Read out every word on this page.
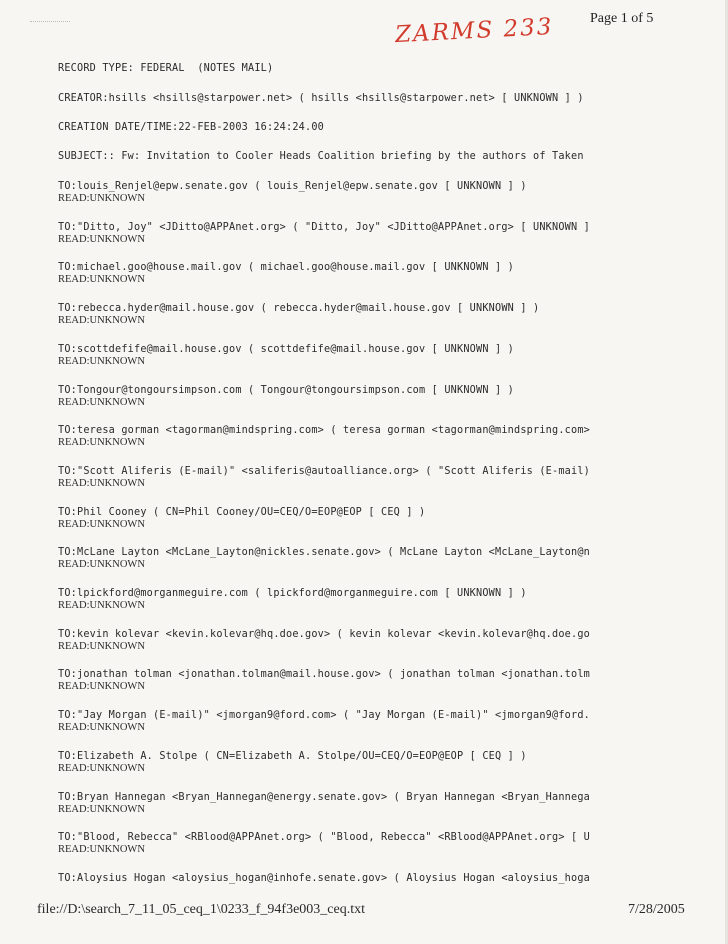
ZARMS 233	Page 1 of 5
RECORD TYPE: FEDERAL  (NOTES MAIL)
CREATOR:hsills <hsills@starpower.net> ( hsills <hsills@starpower.net> [ UNKNOWN ] )
CREATION DATE/TIME:22-FEB-2003 16:24:24.00
SUBJECT:: Fw: Invitation to Cooler Heads Coalition briefing by the authors of Taken
TO:louis_Renjel@epw.senate.gov ( louis_Renjel@epw.senate.gov [ UNKNOWN ] )
READ:UNKNOWN
TO:"Ditto, Joy" <JDitto@APPAnet.org> ( "Ditto, Joy" <JDitto@APPAnet.org> [ UNKNOWN ]
READ:UNKNOWN
TO:michael.goo@house.mail.gov ( michael.goo@house.mail.gov [ UNKNOWN ] )
READ:UNKNOWN
TO:rebecca.hyder@mail.house.gov ( rebecca.hyder@mail.house.gov [ UNKNOWN ] )
READ:UNKNOWN
TO:scottdefife@mail.house.gov ( scottdefife@mail.house.gov [ UNKNOWN ] )
READ:UNKNOWN
TO:Tongour@tongoursimpson.com ( Tongour@tongoursimpson.com [ UNKNOWN ] )
READ:UNKNOWN
TO:teresa gorman <tagorman@mindspring.com> ( teresa gorman <tagorman@mindspring.com>
READ:UNKNOWN
TO:"Scott Aliferis (E-mail)" <saliferis@autoalliance.org> ( "Scott Aliferis (E-mail)
READ:UNKNOWN
TO:Phil Cooney ( CN=Phil Cooney/OU=CEQ/O=EOP@EOP [ CEQ ] )
READ:UNKNOWN
TO:McLane Layton <McLane_Layton@nickles.senate.gov> ( McLane Layton <McLane_Layton@n
READ:UNKNOWN
TO:lpickford@morganmeguire.com ( lpickford@morganmeguire.com [ UNKNOWN ] )
READ:UNKNOWN
TO:kevin kolevar <kevin.kolevar@hq.doe.gov> ( kevin kolevar <kevin.kolevar@hq.doe.go
READ:UNKNOWN
TO:jonathan tolman <jonathan.tolman@mail.house.gov> ( jonathan tolman <jonathan.tolm
READ:UNKNOWN
TO:"Jay Morgan (E-mail)" <jmorgan9@ford.com> ( "Jay Morgan (E-mail)" <jmorgan9@ford.
READ:UNKNOWN
TO:Elizabeth A. Stolpe ( CN=Elizabeth A. Stolpe/OU=CEQ/O=EOP@EOP [ CEQ ] )
READ:UNKNOWN
TO:Bryan Hannegan <Bryan_Hannegan@energy.senate.gov> ( Bryan Hannegan <Bryan_Hannega
READ:UNKNOWN
TO:"Blood, Rebecca" <RBlood@APPAnet.org> ( "Blood, Rebecca" <RBlood@APPAnet.org> [ U
READ:UNKNOWN
TO:Aloysius Hogan <aloysius_hogan@inhofe.senate.gov> ( Aloysius Hogan <aloysius_hoga
file://D:\search_7_11_05_ceq_1\0233_f_94f3e003_ceq.txt	7/28/2005
